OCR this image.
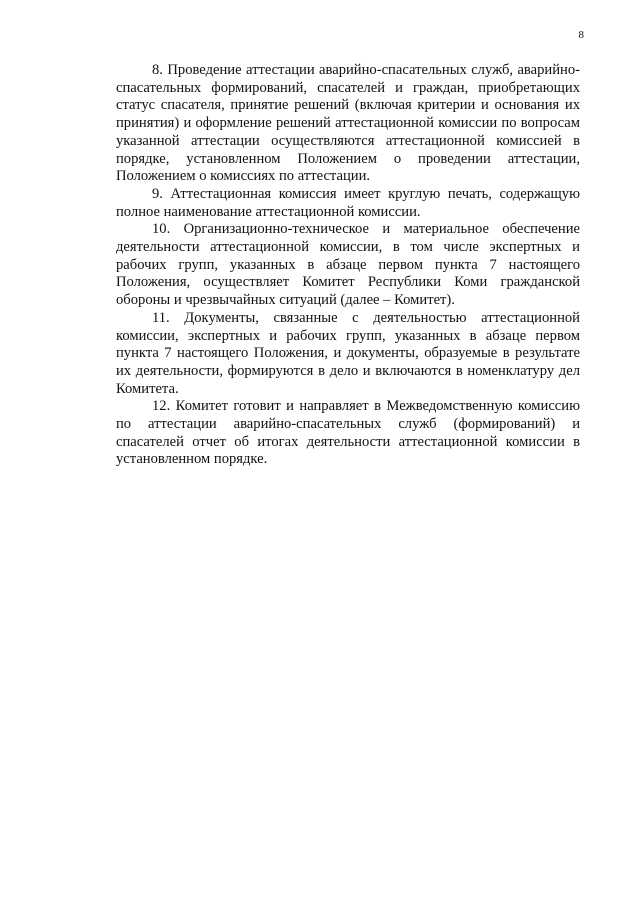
8

8. Проведение аттестации аварийно-спасательных служб, аварийно-спасательных формирований, спасателей и граждан, приобретающих статус спасателя, принятие решений (включая критерии и основания их принятия) и оформление решений аттестационной комиссии по вопросам указанной аттестации осуществляются аттестационной комиссией в порядке, установленном Положением о проведении аттестации, Положением о комиссиях по аттестации.

9. Аттестационная комиссия имеет круглую печать, содержащую полное наименование аттестационной комиссии.

10. Организационно-техническое и материальное обеспечение деятельности аттестационной комиссии, в том числе экспертных и рабочих групп, указанных в абзаце первом пункта 7 настоящего Положения, осуществляет Комитет Республики Коми гражданской обороны и чрезвычайных ситуаций (далее – Комитет).

11. Документы, связанные с деятельностью аттестационной комиссии, экспертных и рабочих групп, указанных в абзаце первом пункта 7 настоящего Положения, и документы, образуемые в результате их деятельности, формируются в дело и включаются в номенклатуру дел Комитета.

12. Комитет готовит и направляет в Межведомственную комиссию по аттестации аварийно-спасательных служб (формирований) и спасателей отчет об итогах деятельности аттестационной комиссии в установленном порядке.
